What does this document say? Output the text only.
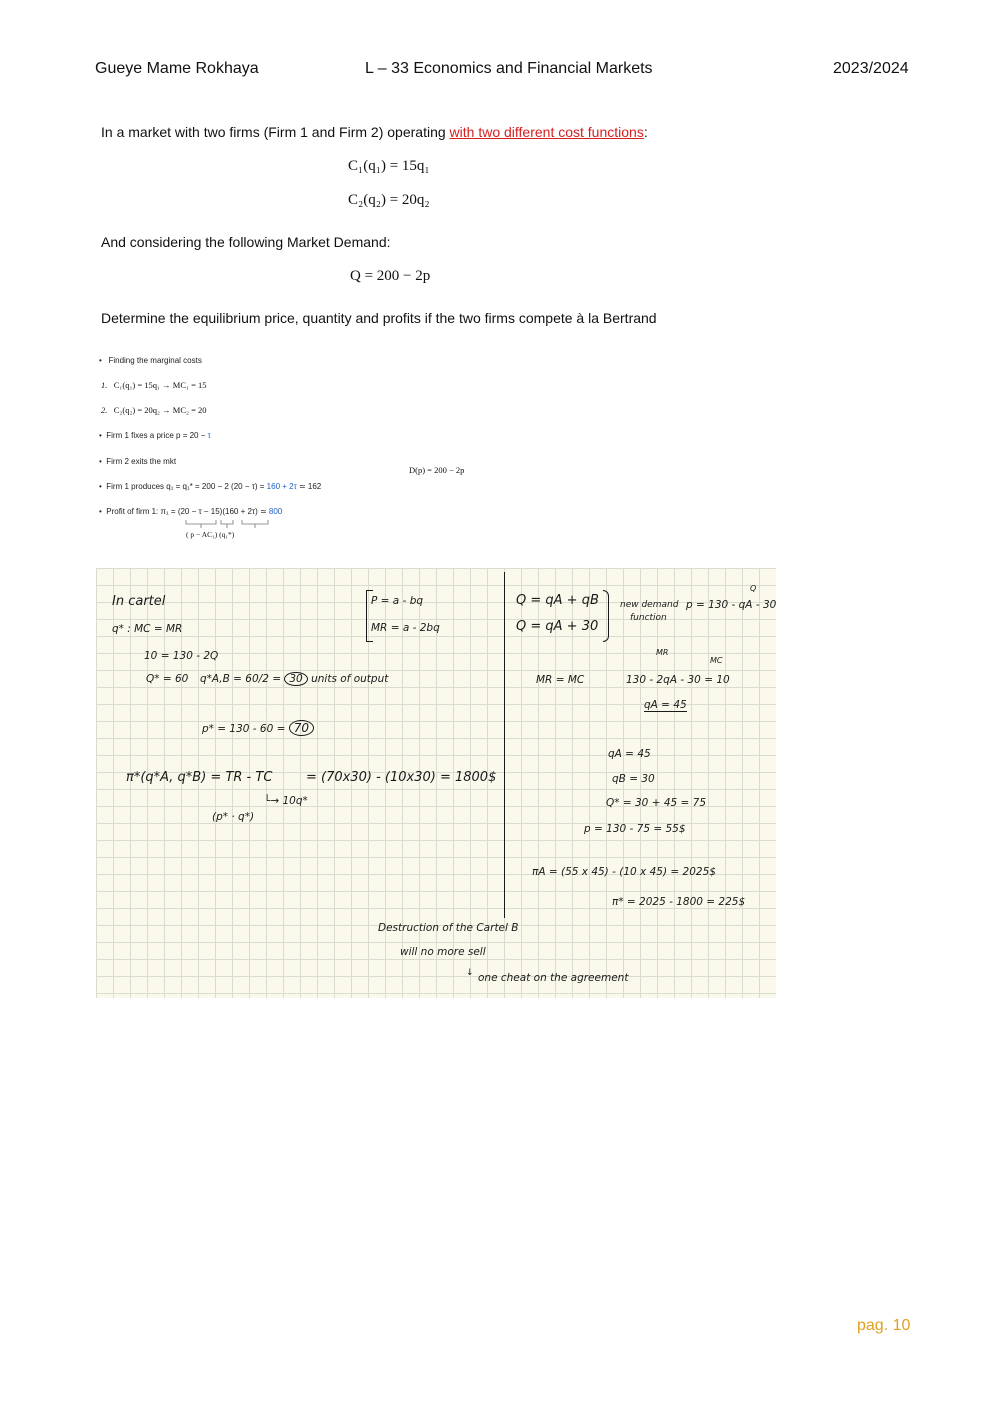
Gueye Mame Rokhaya	L – 33 Economics and Financial Markets	2023/2024
In a market with two firms (Firm 1 and Firm 2) operating with two different cost functions:
C₁(q₁) = 15q₁
C₂(q₂) = 20q₂
And considering the following Market Demand:
Q = 200 − 2p
Determine the equilibrium price, quantity and profits if the two firms compete à la Bertrand
•   Finding the marginal costs
1. C₁(q₁) = 15q₁ → MC₁ = 15
2. C₂(q₂) = 20q₂ → MC₂ = 20
•  Firm 1 fixes a price p = 20 − τ
•  Firm 2 exits the mkt
D(p) = 200 − 2p
•  Firm 1 produces q₁ = q₁* = 200 − 2 (20 − τ) = 160 + 2τ ≃ 162
•  Profit of firm 1: π₁ = (20 − τ − 15)(160 + 2τ) ≃ 800
( p − AC₁) (q₁*)
In cartel
q* : MC = MR
10 = 130 - 2Q
Q* = 60 q*A,B = 60/2 = 30 units of output
p* = 130 - 60 = 70
π*(q*A, q*B) = TR - TC	= (70x30) - (10x30) = 1800$
(p* · q*)
└→ 10q*
P = a - bq
MR = a - 2bq
Q = qA + qB
Q = qA + 30
new demand
function
p = 130 - qA - 30
Q
MR = MC
MR
MC
130 - 2qA - 30 = 10
qA = 45
qA = 45
qB = 30
Q* = 30 + 45 = 75
p = 130 - 75 = 55$
πA = (55 x 45) - (10 x 45) = 2025$
π* = 2025 - 1800 = 225$
Destruction of the Cartel B
will no more sell
↓ one cheat on the agreement
pag. 10
